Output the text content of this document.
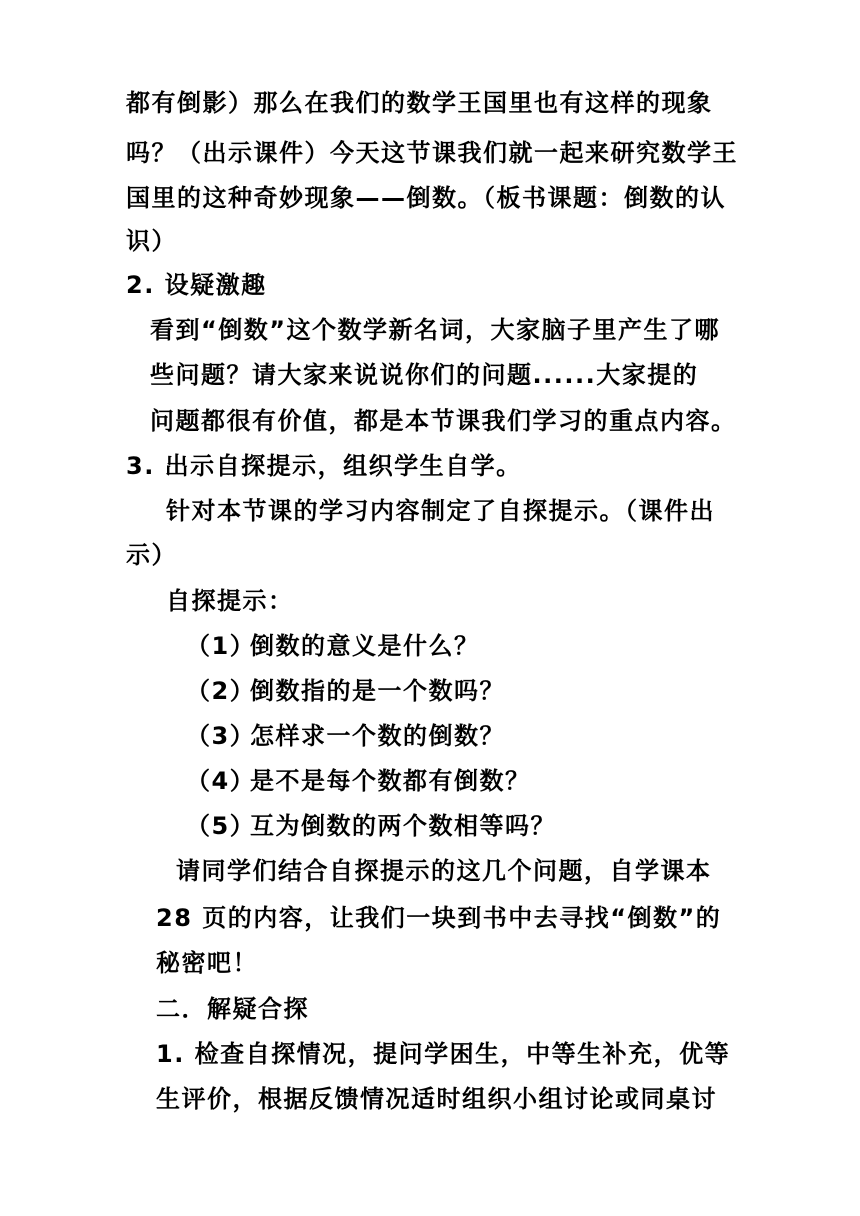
都有倒影）那么在我们的数学王国里也有这样的现象
吗？（出示课件）今天这节课我们就一起来研究数学王
国里的这种奇妙现象——倒数。（板书课题：倒数的认
识）
2. 设疑激趣
看到“倒数”这个数学新名词，大家脑子里产生了哪
些问题？请大家来说说你们的问题......大家提的
问题都很有价值，都是本节课我们学习的重点内容。
3. 出示自探提示，组织学生自学。
针对本节课的学习内容制定了自探提示。（课件出
示）
自探提示：
（1）倒数的意义是什么？
（2）倒数指的是一个数吗？
（3）怎样求一个数的倒数？
（4）是不是每个数都有倒数？
（5）互为倒数的两个数相等吗？
请同学们结合自探提示的这几个问题，自学课本
28 页的内容，让我们一块到书中去寻找“倒数”的
秘密吧！
二．解疑合探
1. 检查自探情况，提问学困生，中等生补充，优等
生评价，根据反馈情况适时组织小组讨论或同桌讨
